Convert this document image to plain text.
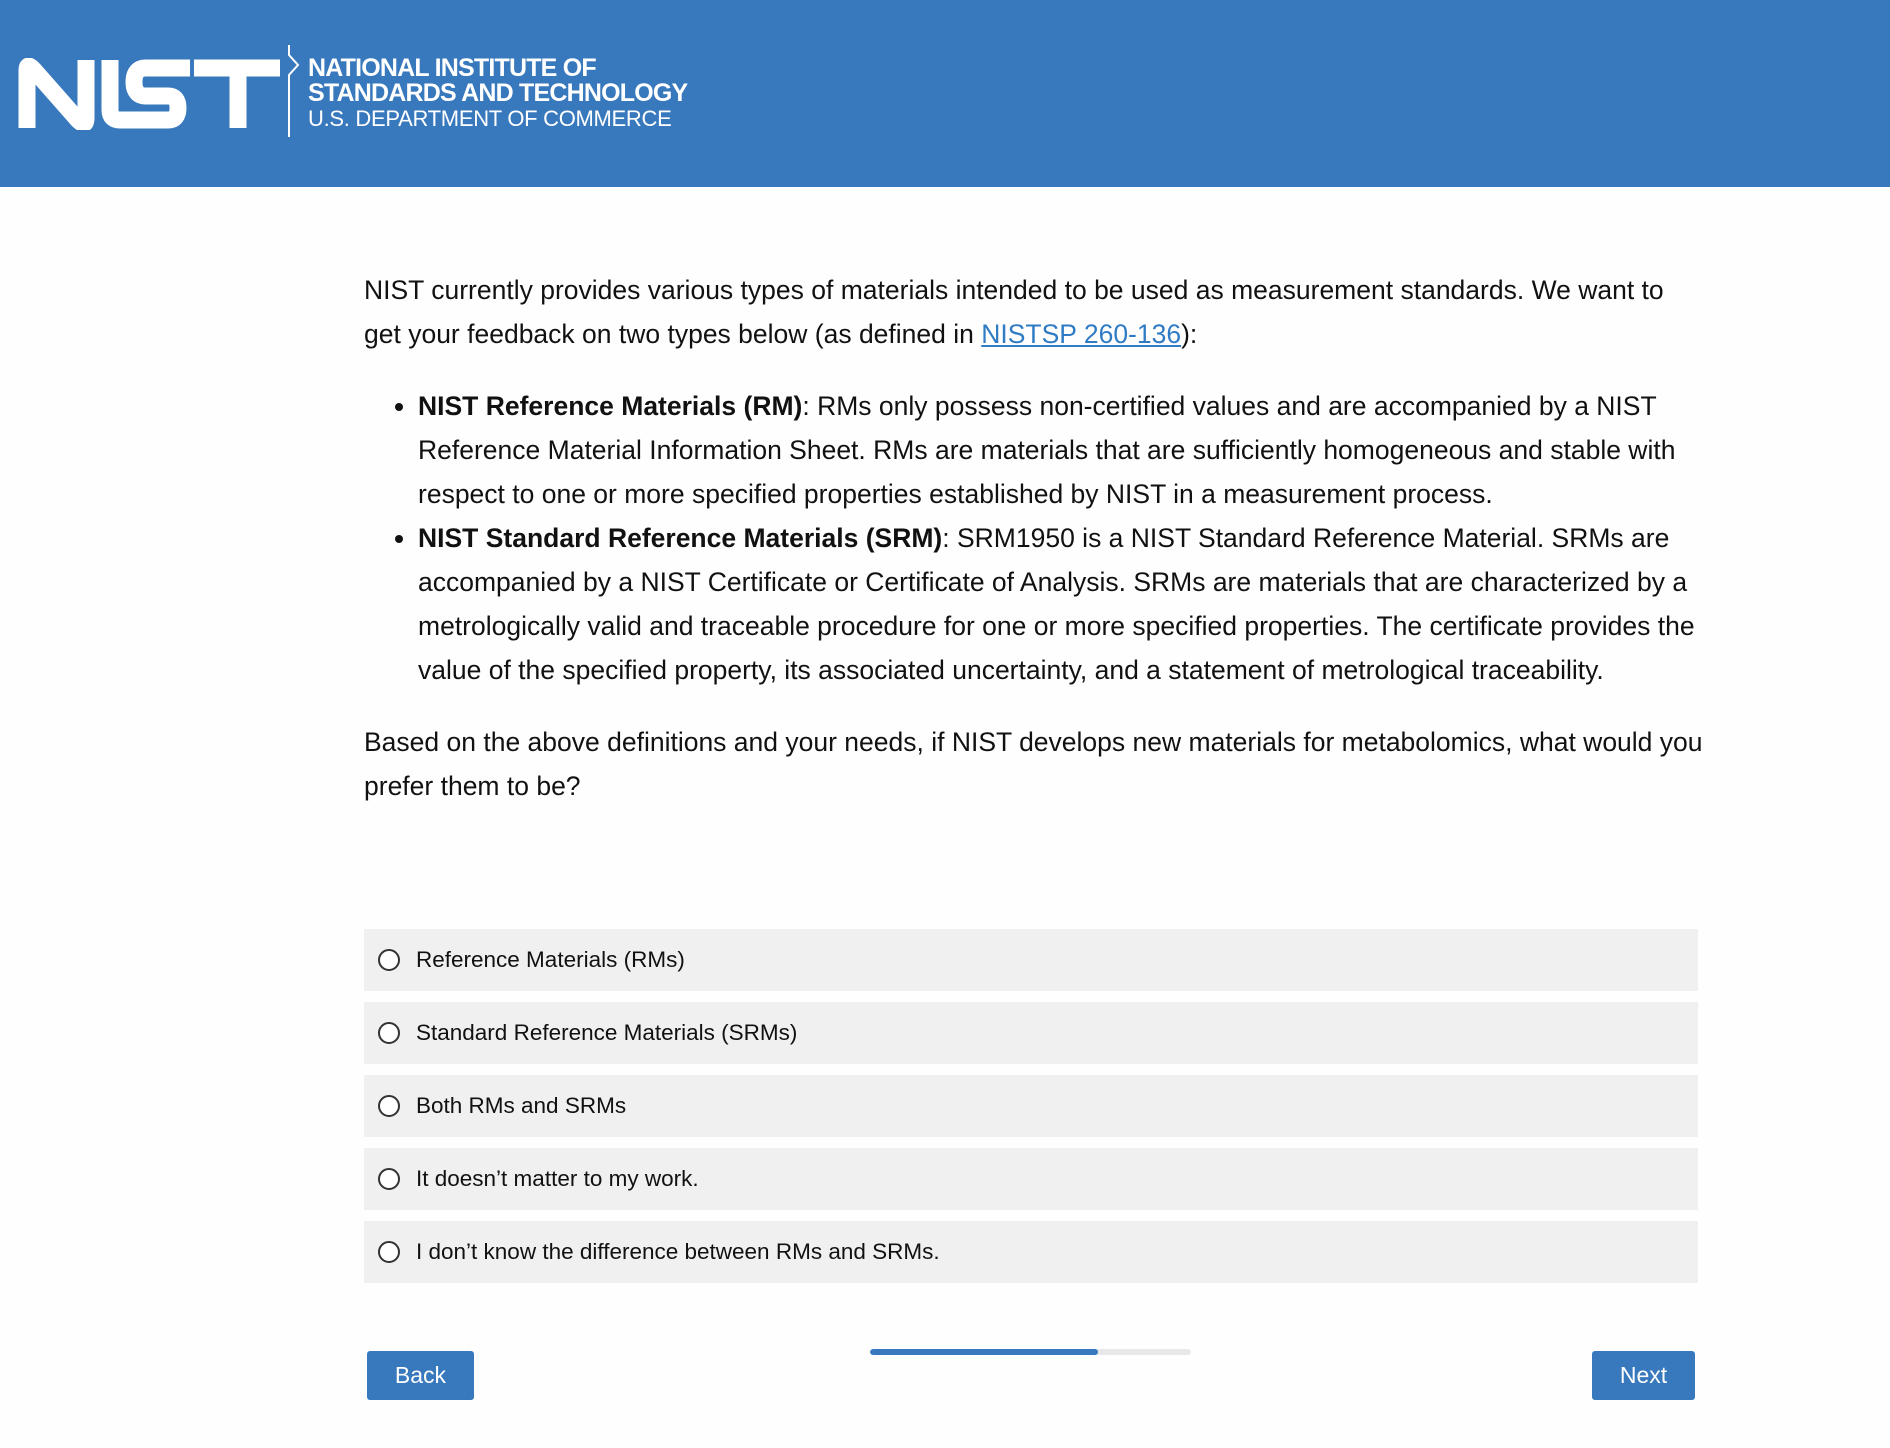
NATIONAL INSTITUTE OF
STANDARDS AND TECHNOLOGY
U.S. DEPARTMENT OF COMMERCE

NIST currently provides various types of materials intended to be used as measurement standards. We want to get your feedback on two types below (as defined in NISTSP 260-136):

• NIST Reference Materials (RM): RMs only possess non-certified values and are accompanied by a NIST Reference Material Information Sheet. RMs are materials that are sufficiently homogeneous and stable with respect to one or more specified properties established by NIST in a measurement process.
• NIST Standard Reference Materials (SRM): SRM1950 is a NIST Standard Reference Material. SRMs are accompanied by a NIST Certificate or Certificate of Analysis. SRMs are materials that are characterized by a metrologically valid and traceable procedure for one or more specified properties. The certificate provides the value of the specified property, its associated uncertainty, and a statement of metrological traceability.

Based on the above definitions and your needs, if NIST develops new materials for metabolomics, what would you prefer them to be?

Reference Materials (RMs)
Standard Reference Materials (SRMs)
Both RMs and SRMs
It doesn’t matter to my work.
I don’t know the difference between RMs and SRMs.
Back	Next
